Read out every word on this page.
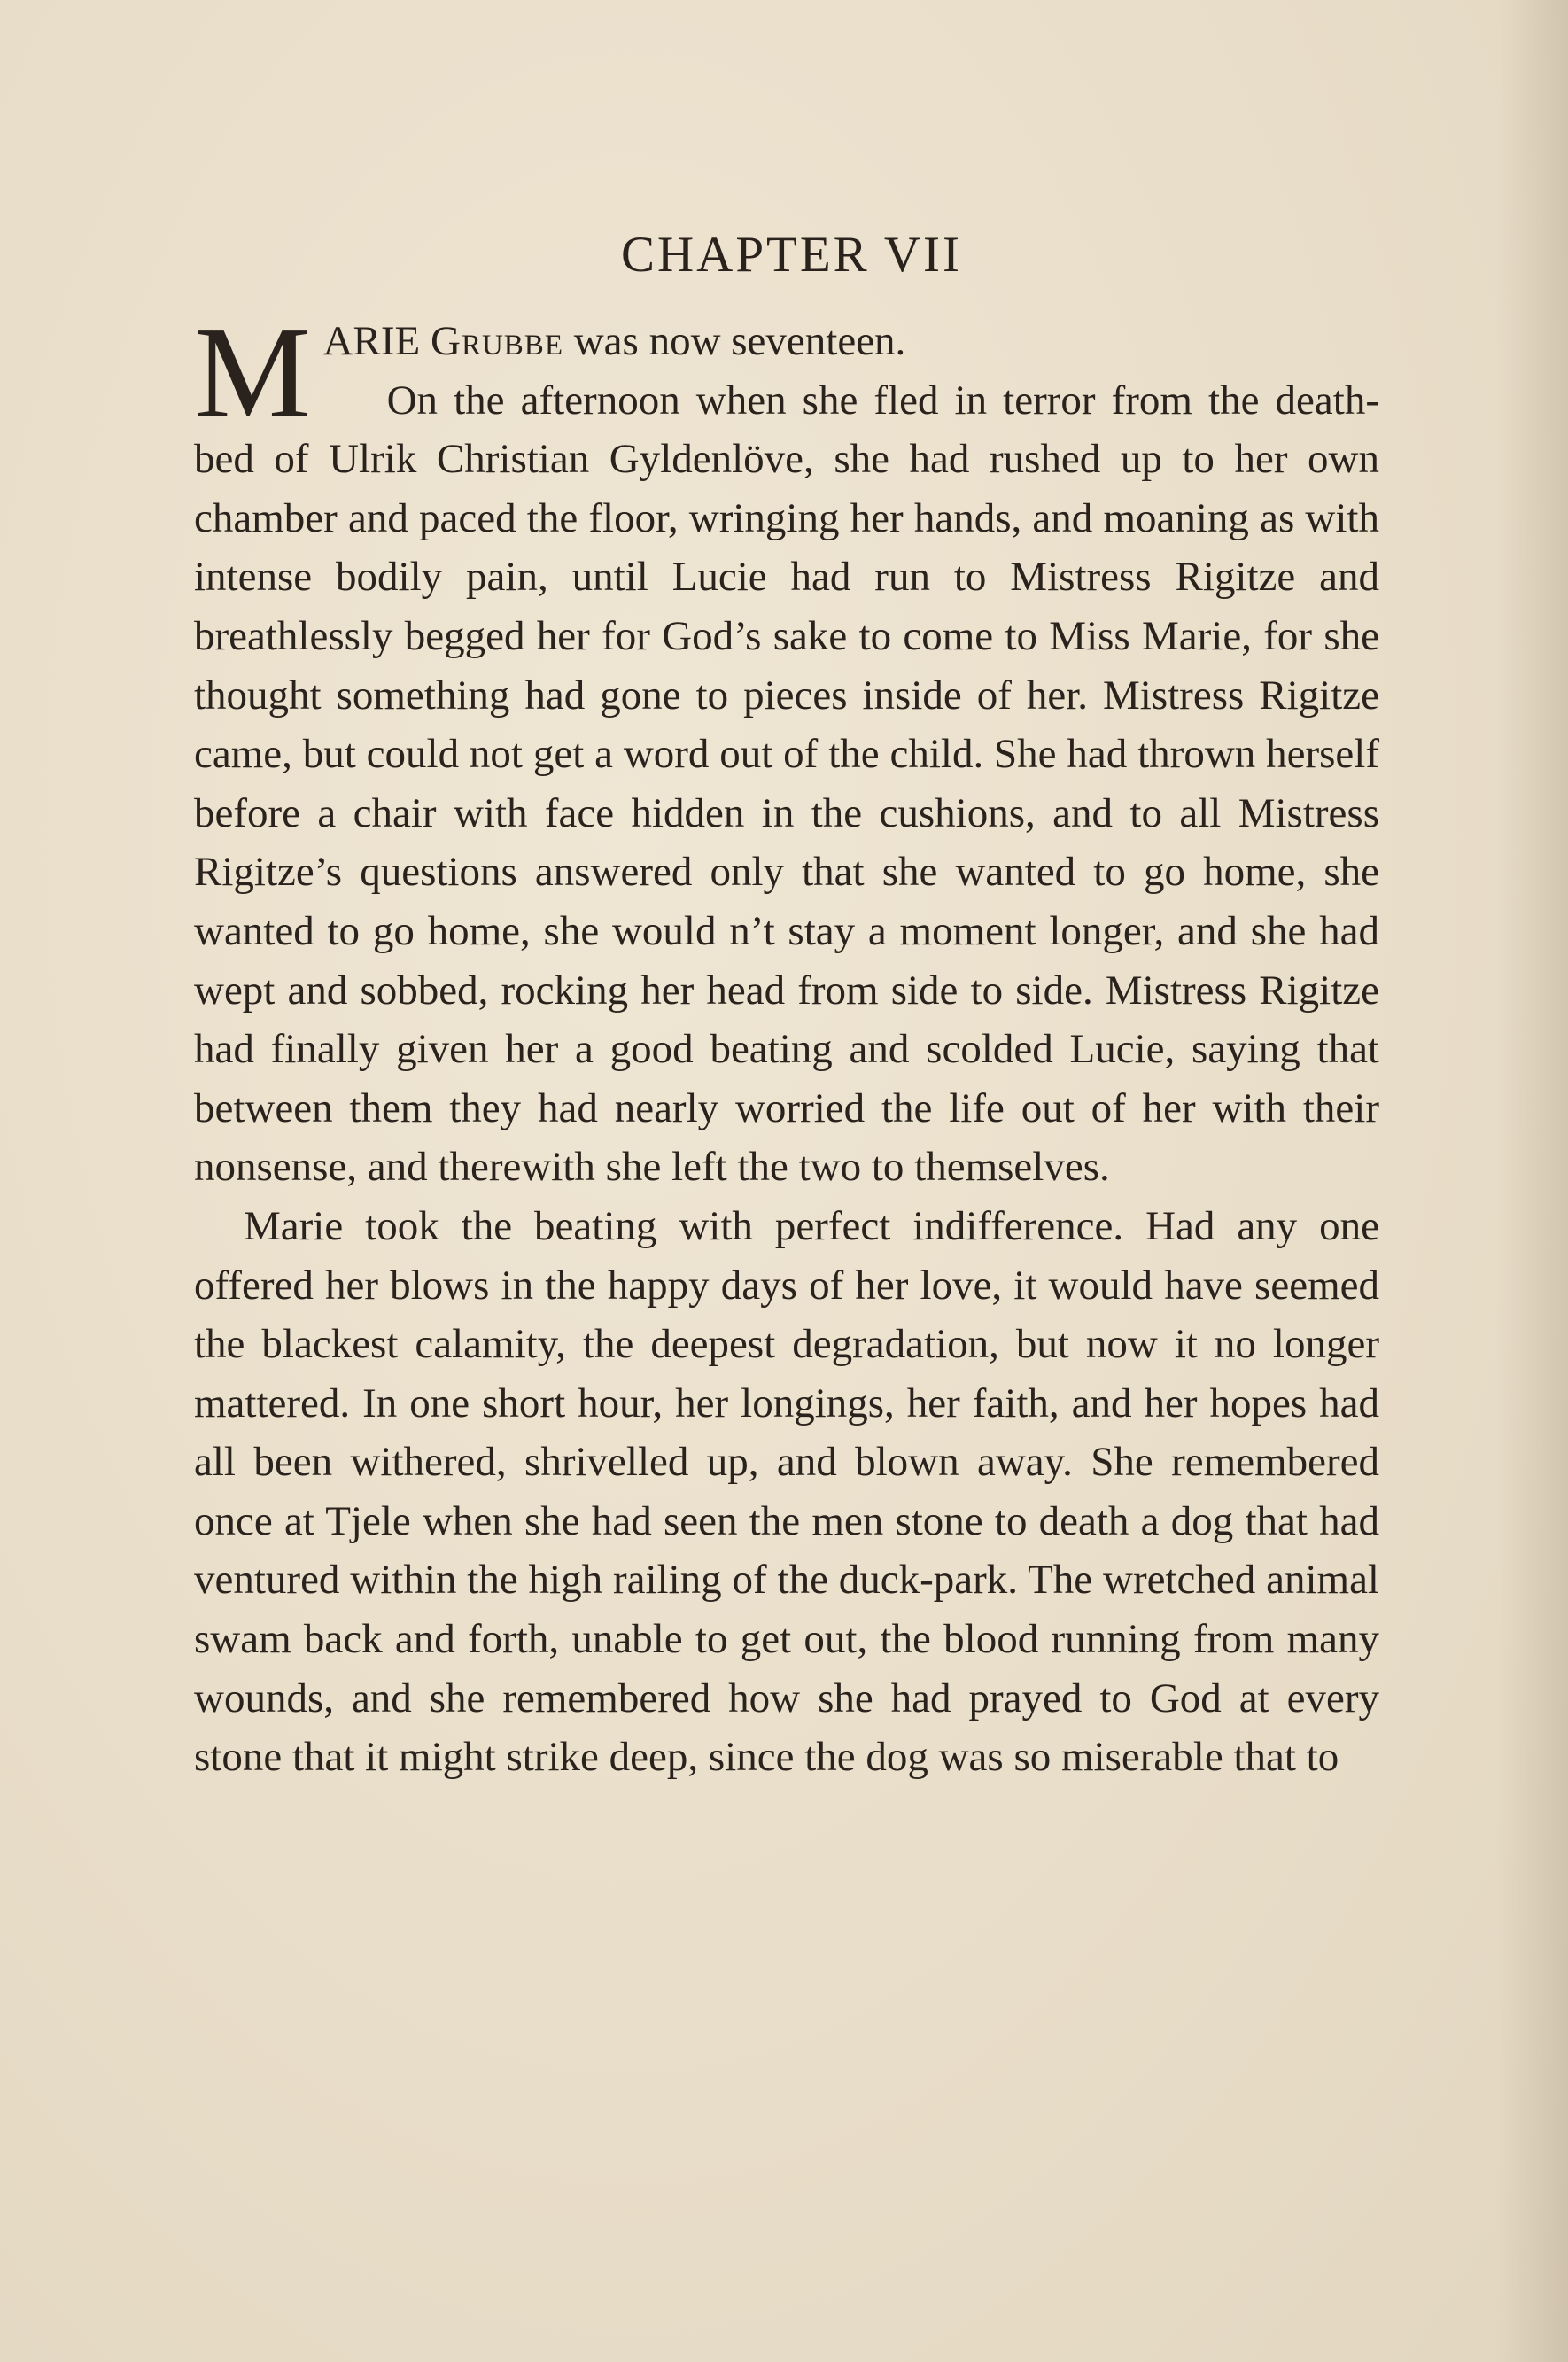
CHAPTER VII
M ARIE Grubbe was now seventeen.
On the afternoon when she fled in terror from the death-bed of Ulrik Christian Gyldenlöve, she had rushed up to her own chamber and paced the floor, wringing her hands, and moaning as with intense bodily pain, until Lucie had run to Mistress Rigitze and breathlessly begged her for God’s sake to come to Miss Marie, for she thought something had gone to pieces inside of her. Mistress Rigitze came, but could not get a word out of the child. She had thrown herself before a chair with face hidden in the cushions, and to all Mistress Rigitze’s questions answered only that she wanted to go home, she wanted to go home, she would n’t stay a moment longer, and she had wept and sobbed, rocking her head from side to side. Mistress Rigitze had finally given her a good beating and scolded Lucie, saying that between them they had nearly worried the life out of her with their nonsense, and therewith she left the two to themselves.

Marie took the beating with perfect indifference. Had any one offered her blows in the happy days of her love, it would have seemed the blackest calamity, the deepest degradation, but now it no longer mattered. In one short hour, her longings, her faith, and her hopes had all been withered, shrivelled up, and blown away. She remembered once at Tjele when she had seen the men stone to death a dog that had ventured within the high railing of the duck-park. The wretched animal swam back and forth, unable to get out, the blood running from many wounds, and she remembered how she had prayed to God at every stone that it might strike deep, since the dog was so miserable that to
